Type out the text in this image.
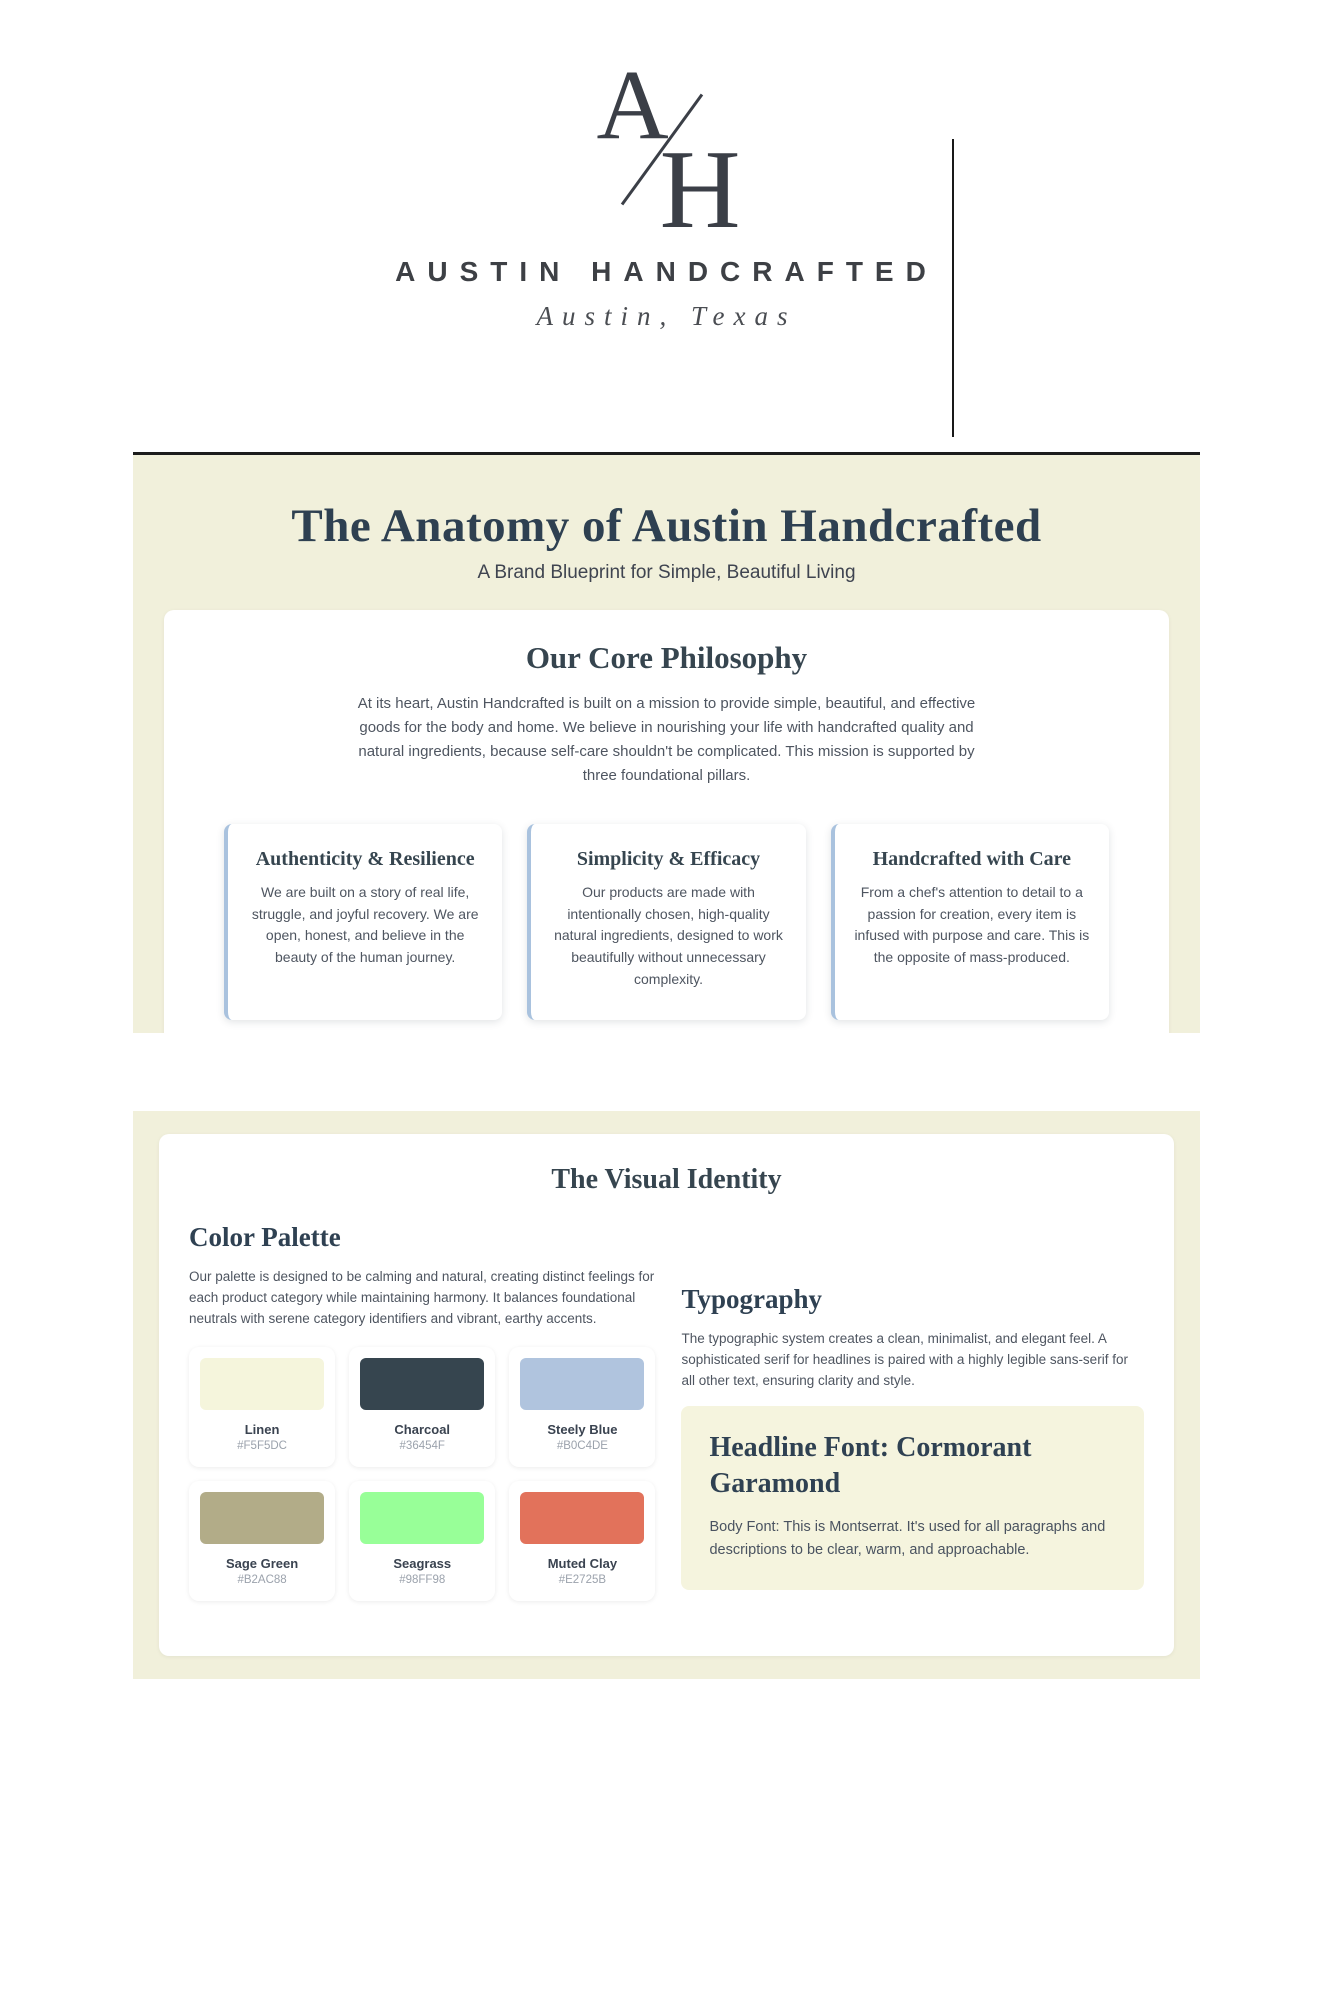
A
H
AUSTIN HANDCRAFTED
Austin, Texas
The Anatomy of Austin Handcrafted
A Brand Blueprint for Simple, Beautiful Living
Our Core Philosophy

At its heart, Austin Handcrafted is built on a mission to provide simple, beautiful, and effective goods for the body and home. We believe in nourishing your life with handcrafted quality and natural ingredients, because self-care shouldn't be complicated. This mission is supported by three foundational pillars.

Authenticity & Resilience

We are built on a story of real life, struggle, and joyful recovery. We are open, honest, and believe in the beauty of the human journey.

Simplicity & Efficacy

Our products are made with intentionally chosen, high-quality natural ingredients, designed to work beautifully without unnecessary complexity.

Handcrafted with Care

From a chef's attention to detail to a passion for creation, every item is infused with purpose and care. This is the opposite of mass-produced.

The Visual Identity
Color Palette

Our palette is designed to be calming and natural, creating distinct feelings for each product category while maintaining harmony. It balances foundational neutrals with serene category identifiers and vibrant, earthy accents.

Linen
#F5F5DC
Charcoal
#36454F
Steely Blue
#B0C4DE
Sage Green
#B2AC88
Seagrass
#98FF98
Muted Clay
#E2725B
Typography

The typographic system creates a clean, minimalist, and elegant feel. A sophisticated serif for headlines is paired with a highly legible sans-serif for all other text, ensuring clarity and style.

Headline Font: Cormorant Garamond

Body Font: This is Montserrat. It's used for all paragraphs and descriptions to be clear, warm, and approachable.
